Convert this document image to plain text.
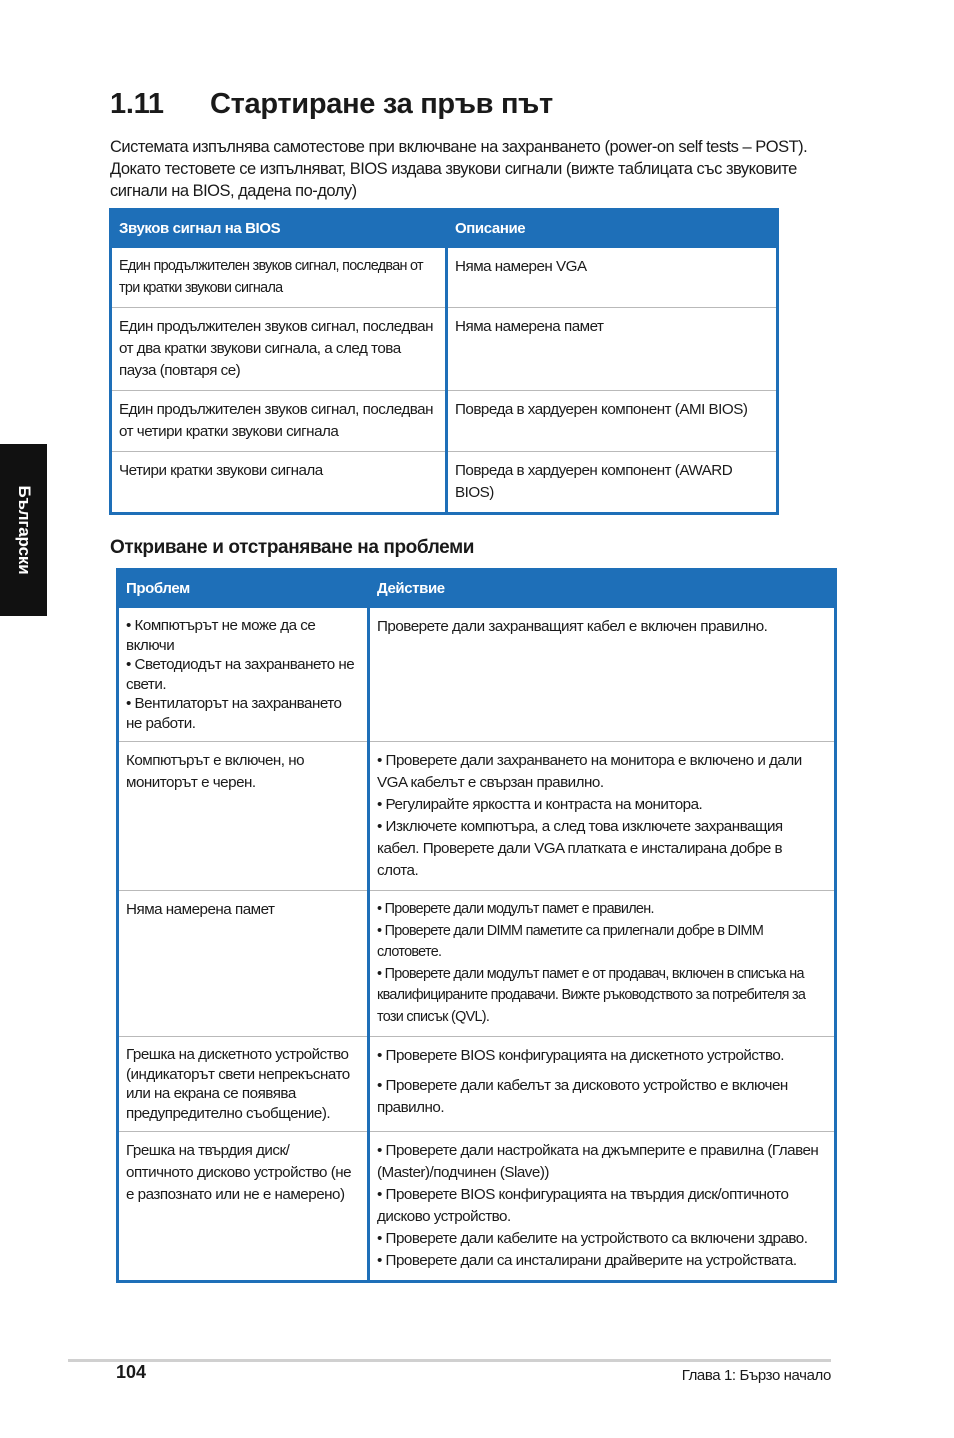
1.11 Стартиране за пръв път

Системата изпълнява самотестове при включване на захранването (power-on self tests – POST). Докато тестовете се изпълняват, BIOS издава звукови сигнали (вижте таблицата със звуковите сигнали на BIOS, дадена по-долу)

Звуков сигнал на BIOS	Описание
Един продължителен звуков сигнал, последван от три кратки звукови сигнала	Няма намерен VGA
Един продължителен звуков сигнал, последван от два кратки звукови сигнала, а след това пауза (повтаря се)	Няма намерена памет
Един продължителен звуков сигнал, последван от четири кратки звукови сигнала	Повреда в хардуерен компонент (AMI BIOS)
Четири кратки звукови сигнала	Повреда в хардуерен компонент (AWARD BIOS)
Откриване и отстраняване на проблеми
Проблем	Действие

• Компютърът не може да се включи
• Светодиодът на захранването не свети.
• Вентилаторът на захранването не работи.	Проверете дали захранващият кабел е включен правилно.

Компютърът е включен, но мониторът е черен.	• Проверете дали захранването на монитора е включено и дали VGA кабелът е свързан правилно.
• Регулирайте яркостта и контраста на монитора.
• Изключете компютъра, а след това изключете захранващия кабел. Проверете дали VGA платката е инсталирана добре в слота.

Няма намерена памет	• Проверете дали модулът памет е правилен.
• Проверете дали DIMM паметите са прилегнали добре в DIMM слотовете.
• Проверете дали модулът памет е от продавач, включен в списъка на квалифицираните продавачи. Вижте ръководството за потребителя за този списък (QVL).

Грешка на дискетното устройство (индикаторът свети непрекъснато или на екрана се появява предупредително съобщение).	• Проверете BIOS конфигурацията на дискетното устройство.
• Проверете дали кабелът за дисковото устройство е включен правилно.

Грешка на твърдия диск/ оптичното дисково устройство (не е разпознато или не е намерено)	• Проверете дали настройката на джъмперите е правилна (Главен (Master)/подчинен (Slave))
• Проверете BIOS конфигурацията на твърдия диск/оптичното дисково устройство.
• Проверете дали кабелите на устройството са включени здраво.
• Проверете дали са инсталирани драйверите на устройствата.
Български
104	Глава 1: Бързо начало
